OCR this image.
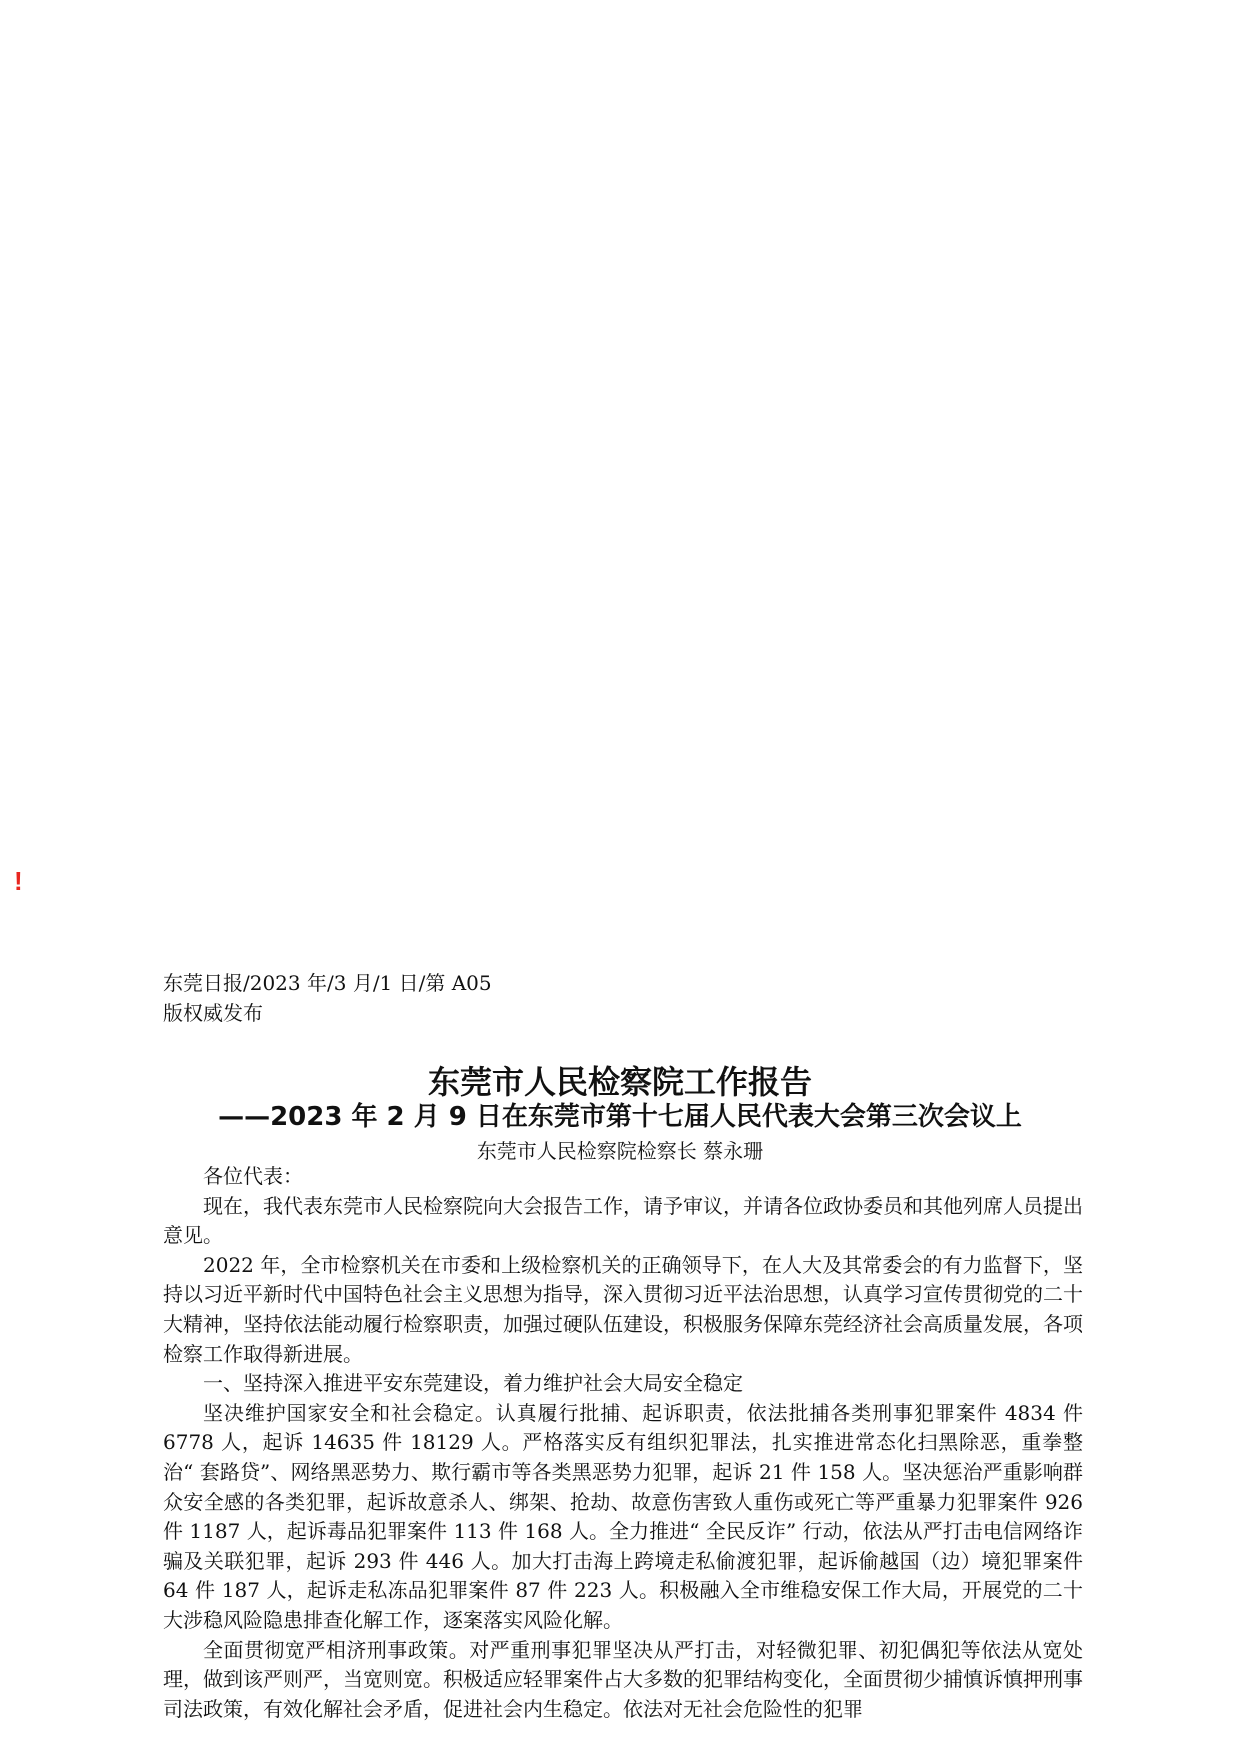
!
东莞日报/2023 年/3 月/1 日/第 A05
版权威发布
东莞市人民检察院工作报告
——2023 年 2 月 9 日在东莞市第十七届人民代表大会第三次会议上
东莞市人民检察院检察长 蔡永珊

各位代表：

现在，我代表东莞市人民检察院向大会报告工作，请予审议，并请各位政协委员和其他列席人员提出意见。

2022 年，全市检察机关在市委和上级检察机关的正确领导下，在人大及其常委会的有力监督下，坚持以习近平新时代中国特色社会主义思想为指导，深入贯彻习近平法治思想，认真学习宣传贯彻党的二十大精神，坚持依法能动履行检察职责，加强过硬队伍建设，积极服务保障东莞经济社会高质量发展，各项检察工作取得新进展。

一、坚持深入推进平安东莞建设，着力维护社会大局安全稳定

坚决维护国家安全和社会稳定。认真履行批捕、起诉职责，依法批捕各类刑事犯罪案件 4834 件 6778 人，起诉 14635 件 18129 人。严格落实反有组织犯罪法，扎实推进常态化扫黑除恶，重拳整治“ 套路贷”、网络黑恶势力、欺行霸市等各类黑恶势力犯罪，起诉 21 件 158 人。坚决惩治严重影响群众安全感的各类犯罪，起诉故意杀人、绑架、抢劫、故意伤害致人重伤或死亡等严重暴力犯罪案件 926 件 1187 人，起诉毒品犯罪案件 113 件 168 人。全力推进“ 全民反诈” 行动，依法从严打击电信网络诈骗及关联犯罪，起诉 293 件 446 人。加大打击海上跨境走私偷渡犯罪，起诉偷越国（边）境犯罪案件 64 件 187 人，起诉走私冻品犯罪案件 87 件 223 人。积极融入全市维稳安保工作大局，开展党的二十大涉稳风险隐患排查化解工作，逐案落实风险化解。

全面贯彻宽严相济刑事政策。对严重刑事犯罪坚决从严打击，对轻微犯罪、初犯偶犯等依法从宽处理，做到该严则严，当宽则宽。积极适应轻罪案件占大多数的犯罪结构变化，全面贯彻少捕慎诉慎押刑事司法政策，有效化解社会矛盾，促进社会内生稳定。依法对无社会危险性的犯罪
